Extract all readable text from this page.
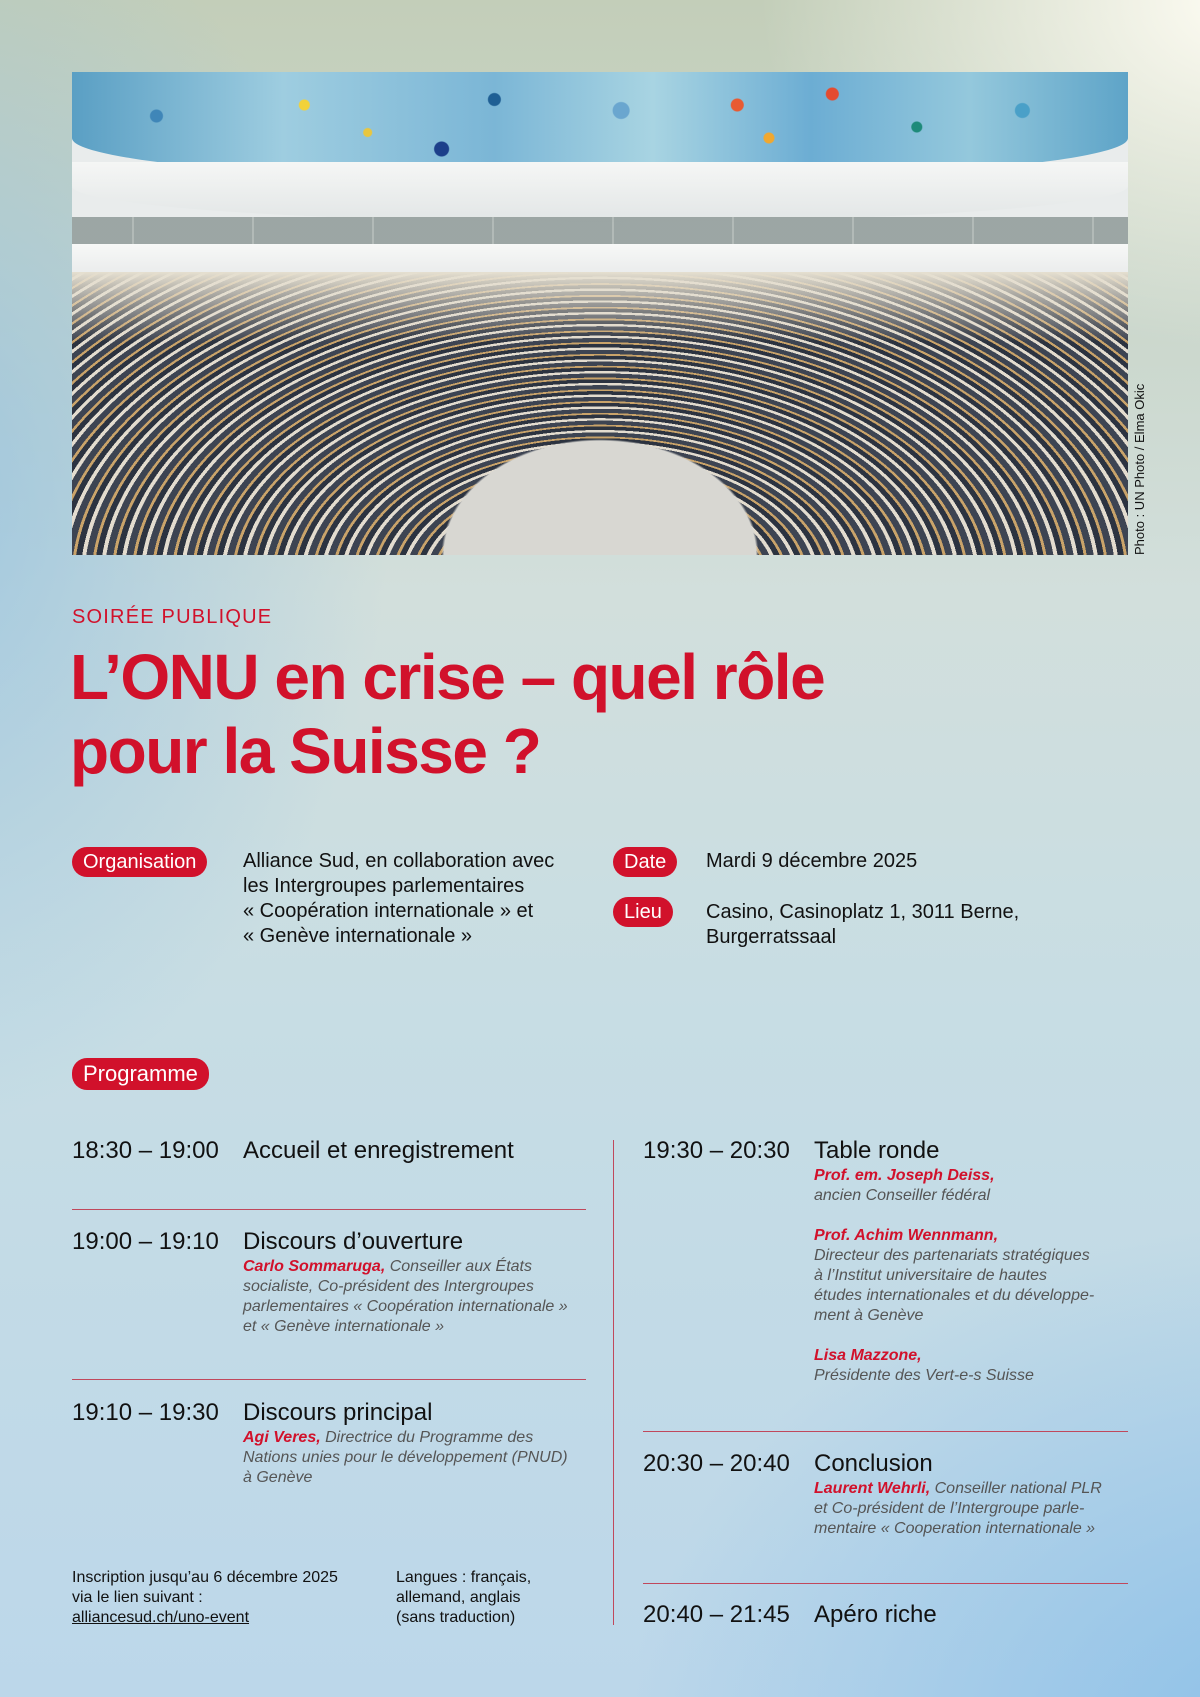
Photo : UN Photo / Elma Okic
SOIRÉE PUBLIQUE
L’ONU en crise – quel rôle
pour la Suisse ?
Organisation	Alliance Sud, en collaboration avec
les Intergroupes parlementaires
« Coopération internationale » et
« Genève internationale »
Date	Mardi 9 décembre 2025
Lieu	Casino, Casinoplatz 1, 3011 Berne,
Burgerratssaal
Programme
18:30 – 19:00 Accueil et enregistrement
19:00 – 19:10 Discours d’ouverture
Carlo Sommaruga, Conseiller aux États
socialiste, Co-président des Intergroupes
parlementaires « Coopération internationale »
et « Genève internationale »
19:10 – 19:30 Discours principal
Agi Veres, Directrice du Programme des
Nations unies pour le développement (PNUD)
à Genève
19:30 – 20:30 Table ronde
Prof. em. Joseph Deiss,
ancien Conseiller fédéral
Prof. Achim Wennmann,
Directeur des partenariats stratégiques
à l’Institut universitaire de hautes
études internationales et du développe-
ment à Genève
Lisa Mazzone,
Présidente des Vert-e-s Suisse
20:30 – 20:40 Conclusion
Laurent Wehrli, Conseiller national PLR
et Co-président de l’Intergroupe parle-
mentaire « Cooperation internationale »
20:40 – 21:45 Apéro riche
Inscription jusqu’au 6 décembre 2025
via le lien suivant :
alliancesud.ch/uno-event
Langues : français,
allemand, anglais
(sans traduction)
